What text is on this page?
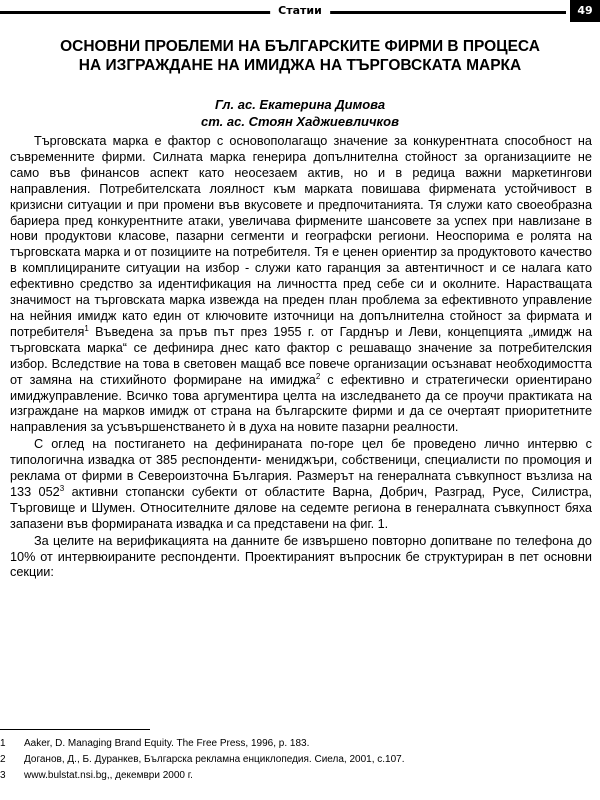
Статии	49
ОСНОВНИ ПРОБЛЕМИ НА БЪЛГАРСКИТЕ ФИРМИ В ПРОЦЕСА
НА ИЗГРАЖДАНЕ НА ИМИДЖА НА ТЪРГОВСКАТА МАРКА
Гл. ас. Екатерина Димова
ст. ас. Стоян Хаджиевличков

Търговската марка е фактор с основополагащо значение за конкурентната способност на съвременните фирми. Силната марка генерира допълнителна стойност за организациите не само във финансов аспект като неосезаем актив, но и в редица важни маркетингови направления. Потребителската лоялност към марката повишава фирмената устойчивост в кризисни ситуации и при промени във вкусовете и предпочитанията. Тя служи като своеобразна бариера пред конкурентните атаки, увеличава фирмените шансовете за успех при навлизане в нови продуктови класове, пазарни сегменти и географски региони. Неоспорима е ролята на търговската марка и от позициите на потребителя. Тя е ценен ориентир за продуктовото качество в комплицираните ситуации на избор - служи като гаранция за автентичност и се налага като ефективно средство за идентификация на личността пред себе си и околните. Нарастващата значимост на търговската марка извежда на преден план проблема за ефективното управление на нейния имидж като един от ключовите източници на допълнителна стойност за фирмата и потребителя$^1$ Въведена за пръв път през 1955 г. от Гарднър и Леви, концепцията „имидж на търговската марка“ се дефинира днес като фактор с решаващо значение за потребителския избор. Вследствие на това в световен мащаб все повече организации осъзнават необходимостта от замяна на стихийното формиране на имиджа$^2$ с ефективно и стратегически ориентирано имиджуправление. Всичко това аргументира целта на изследването да се проучи практиката на изграждане на марков имидж от страна на българските фирми и да се очертаят приоритетните направления за усъвършенстването ѝ в духа на новите пазарни реалности.

С оглед на постигането на дефинираната по-горе цел бе проведено лично интервю с типологична извадка от 385 респонденти- мениджъри, собственици, специалисти по промоция и реклама от фирми в Североизточна България. Размерът на генералната съвкупност възлиза на 133 $052^3$ активни стопански субекти от областите Варна, Добрич, Разград, Русе, Силистра, Търговище и Шумен. Относителните дялове на седемте региона в генералната съвкупност бяха запазени във формираната извадка и са представени на фиг. 1.

За целите на верификацията на данните бе извършено повторно допитване по телефона до 10% от интервюираните респонденти. Проектираният въпросник бе структуриран в пет основни секции:

1	Aaker, D. Managing Brand Equity. The Free Press, 1996, p. 183.
2	Доганов, Д., Б. Дуранкев, Българска рекламна енциклопедия. Сиела, 2001, с.107.
3	www.bulstat.nsi.bg,, декември 2000 г.
